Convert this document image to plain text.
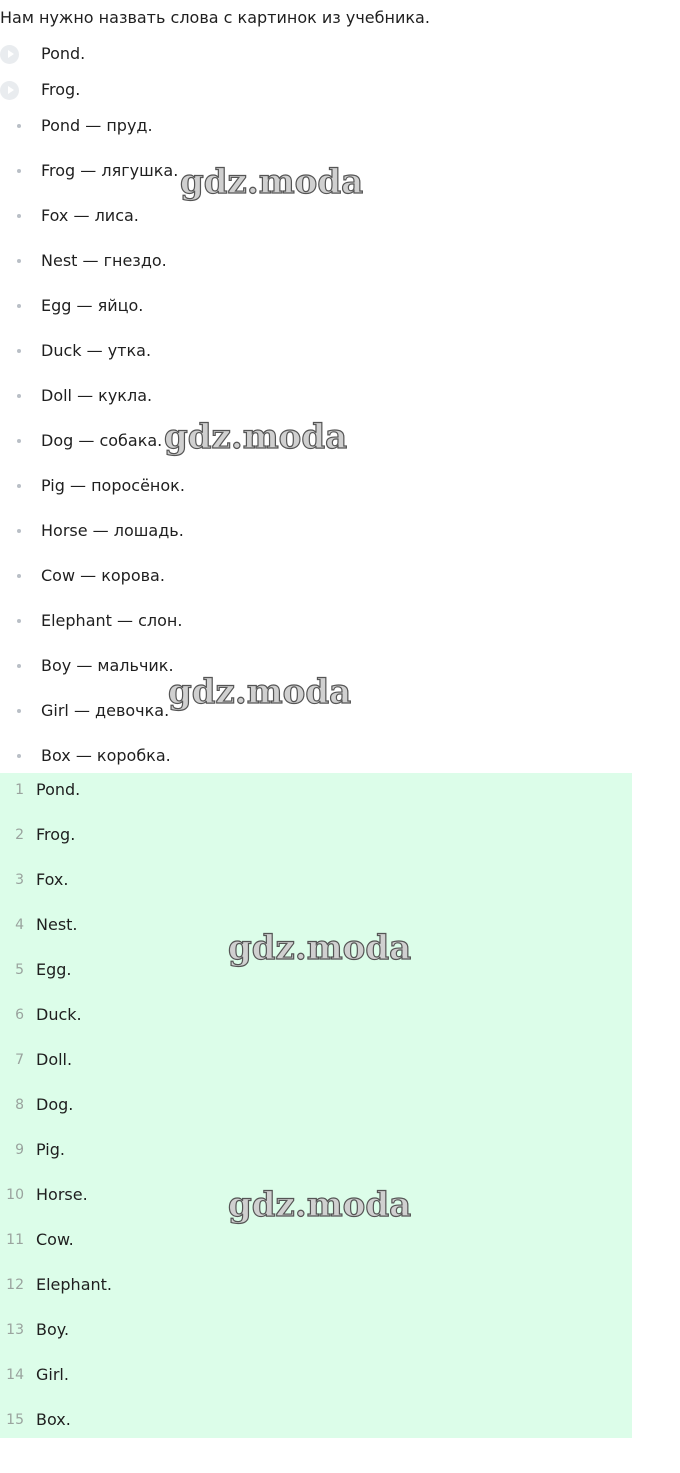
Нам нужно назвать слова с картинок из учебника.

Pond.
Frog.
Pond — пруд.
Frog — лягушка.
Fox — лиса.
Nest — гнездо.
Egg — яйцо.
Duck — утка.
Doll — кукла.
Dog — собака.
Pig — поросёнок.
Horse — лошадь.
Cow — корова.
Elephant — слон.
Boy — мальчик.
Girl — девочка.
Box — коробка.
1 Pond.
2 Frog.
3 Fox.
4 Nest.
5 Egg.
6 Duck.
7 Doll.
8 Dog.
9 Pig.
10 Horse.
11 Cow.
12 Elephant.
13 Boy.
14 Girl.
15 Box.
gdz.moda
gdz.moda
gdz.moda
gdz.moda
gdz.moda
